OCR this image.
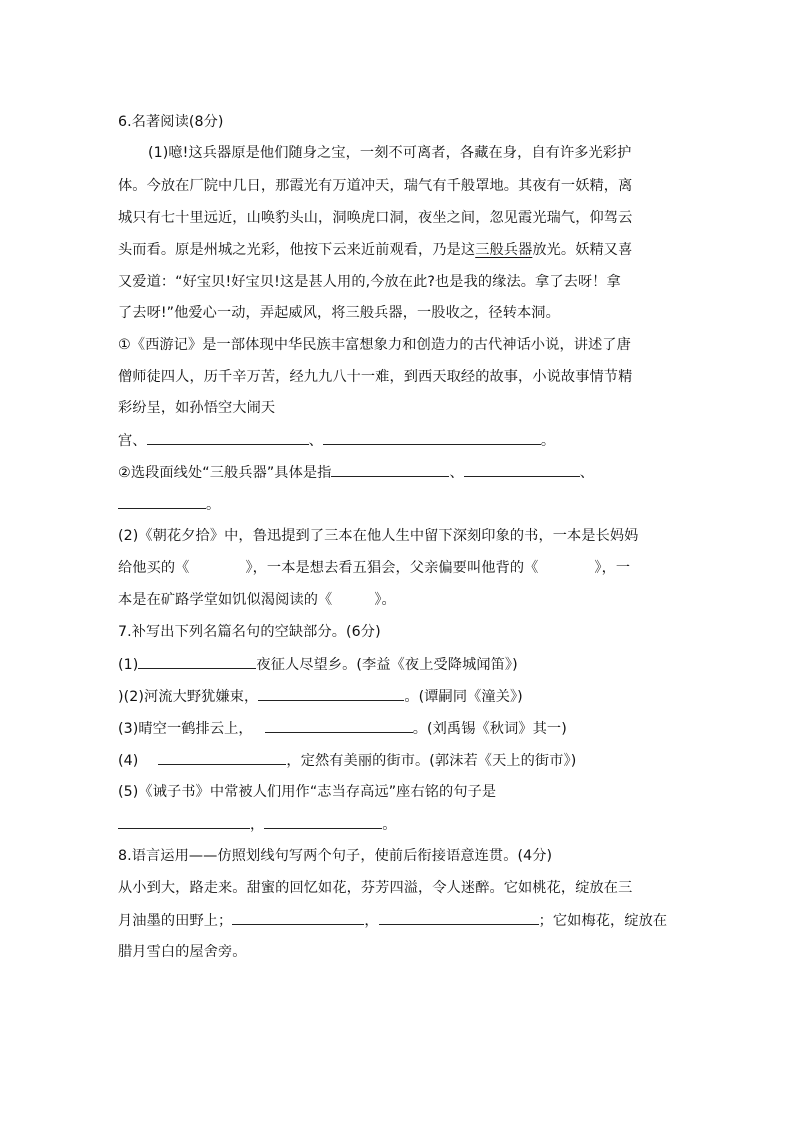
6.名著阅读(8分)
(1)噫!这兵器原是他们随身之宝，一刻不可离者，各藏在身，自有许多光彩护
体。今放在厂院中几日，那霞光有万道冲天，瑞气有千般罩地。其夜有一妖精，离
城只有七十里远近，山唤豹头山，洞唤虎口洞，夜坐之间，忽见霞光瑞气，仰驾云
头而看。原是州城之光彩，他按下云来近前观看，乃是这三般兵器放光。妖精又喜
又爱道：“好宝贝!好宝贝!这是甚人用的,今放在此?也是我的缘法。拿了去呀！拿
了去呀!”他爱心一动，弄起威风，将三般兵器，一股收之，径转本洞。
①《西游记》是一部体现中华民族丰富想象力和创造力的古代神话小说，讲述了唐
僧师徒四人，历千辛万苦，经九九八十一难，到西天取经的故事，小说故事情节精
彩纷呈，如孙悟空大闹天
宫、	、	。
②选段面线处“三般兵器”具体是指	、	、
。
(2)《朝花夕拾》中，鲁迅提到了三本在他人生中留下深刻印象的书，一本是长妈妈
给他买的《	》，一本是想去看五猖会，父亲偏要叫他背的《	》，一
本是在矿路学堂如饥似渴阅读的《	》。
7.补写出下列名篇名句的空缺部分。(6分)
(1)	夜征人尽望乡。(李益《夜上受降城闻笛》)
)(2)河流大野犹嫌束，	。(谭嗣同《潼关》)
(3)晴空一鹤排云上，	。(刘禹锡《秋词》其一)
(4)	，定然有美丽的街市。(郭沫若《天上的街市》)
(5)《诫子书》中常被人们用作“志当存高远”座右铭的句子是
，	。
8.语言运用——仿照划线句写两个句子，使前后衔接语意连贯。(4分)
从小到大，路走来。甜蜜的回忆如花，芬芳四溢，令人迷醉。它如桃花，绽放在三
月油墨的田野上；	，	；它如梅花，绽放在
腊月雪白的屋舍旁。
